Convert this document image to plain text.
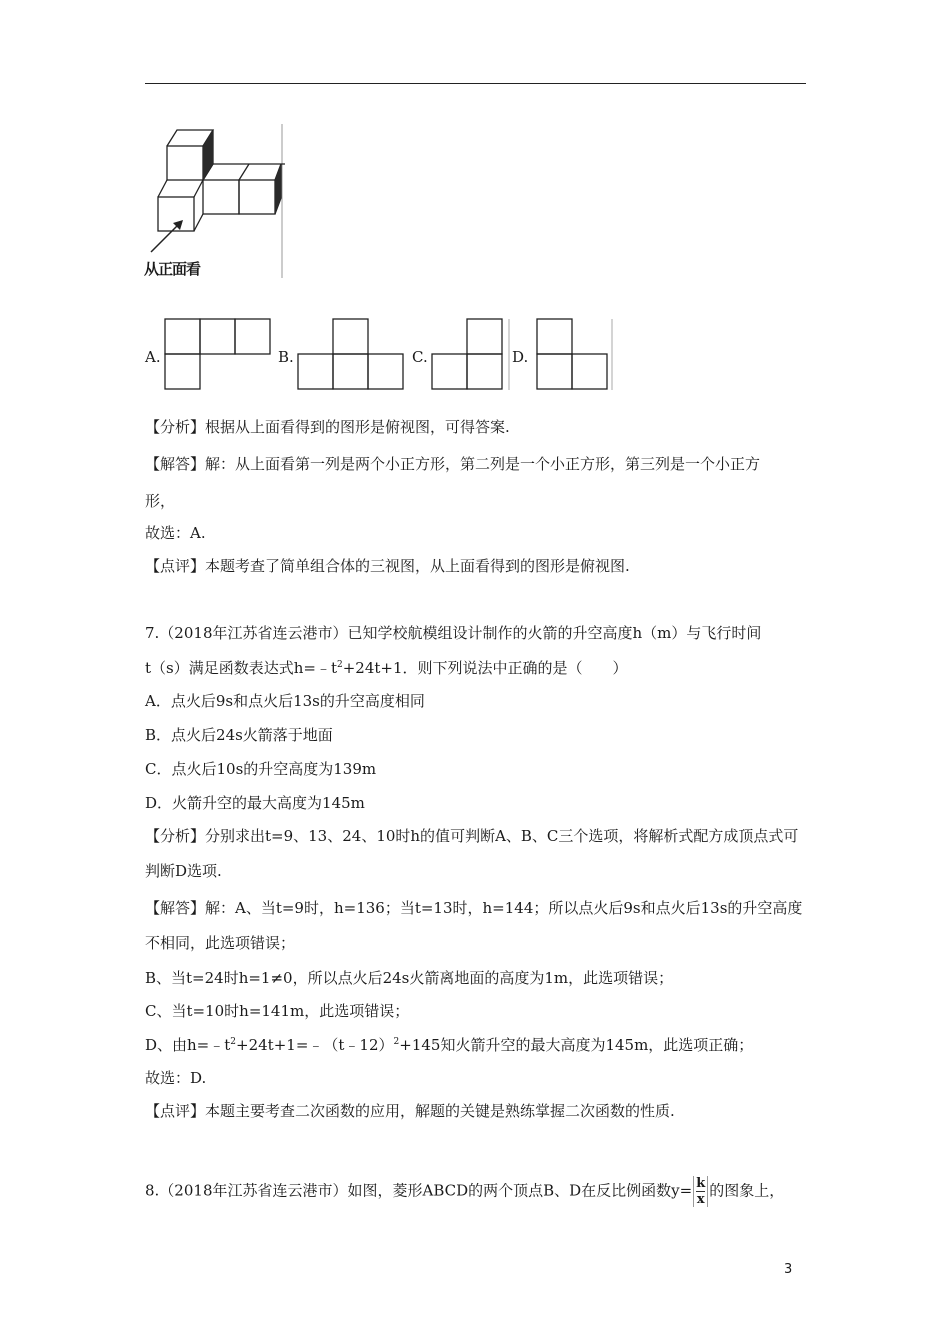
从正面看
A.	B.	C.	D.
【分析】根据从上面看得到的图形是俯视图，可得答案.
【解答】解：从上面看第一列是两个小正方形，第二列是一个小正方形，第三列是一个小正方
形，
故选：A.
【点评】本题考查了简单组合体的三视图，从上面看得到的图形是俯视图.
7.（2018年江苏省连云港市）已知学校航模组设计制作的火箭的升空高度h（m）与飞行时间
t（s）满足函数表达式$h=﹣t^2+24t+1$．则下列说法中正确的是（　　）
A．点火后9s和点火后13s的升空高度相同
B．点火后24s火箭落于地面
C．点火后10s的升空高度为139m
D．火箭升空的最大高度为145m
【分析】分别求出t=9、13、24、10时h的值可判断A、B、C三个选项，将解析式配方成顶点式可
判断D选项.
【解答】解：A、当t=9时，h=136；当t=13时，h=144；所以点火后9s和点火后13s的升空高度
不相同，此选项错误；
B、当t=24时h=1≠0，所以点火后24s火箭离地面的高度为1m，此选项错误；
C、当t=10时h=141m，此选项错误；
D、由$h=﹣t^2+24t+1=﹣(t﹣12)^2+145$知火箭升空的最大高度为145m，此选项正确；
故选：D.
【点评】本题主要考查二次函数的应用，解题的关键是熟练掌握二次函数的性质.
8.（2018年江苏省连云港市）如图，菱形ABCD的两个顶点B、D在反比例函数$y= \frac{k}{x}$ 的图象上，
3
